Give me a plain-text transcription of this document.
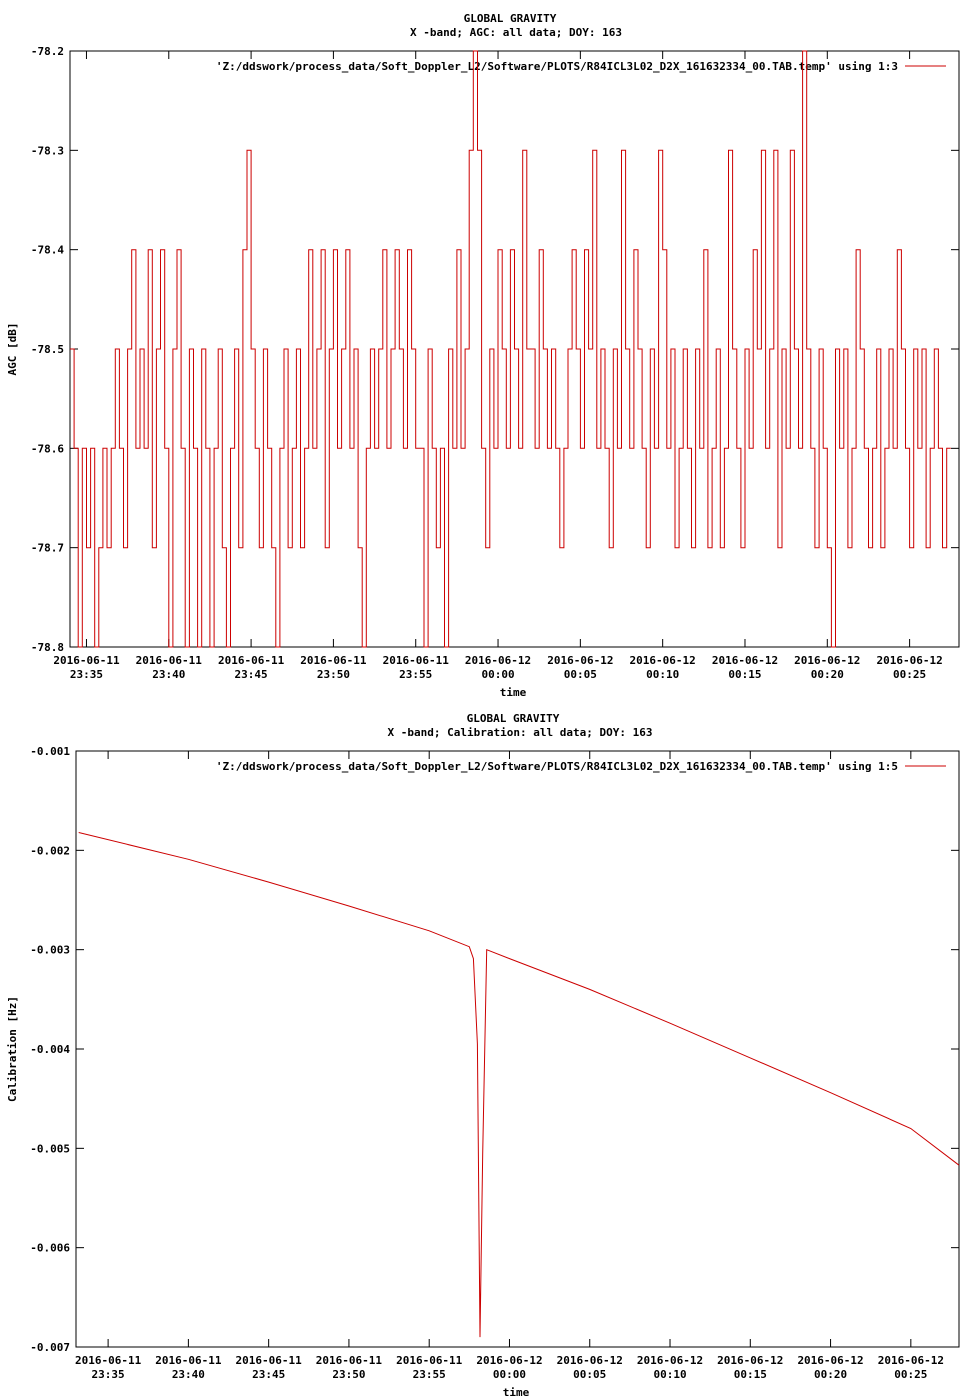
GLOBAL GRAVITY
X -band; AGC: all data; DOY: 163
-78.2
-78.3
-78.4
-78.5
-78.6
-78.7
-78.8
2016-06-11
23:35
2016-06-11
23:40
2016-06-11
23:45
2016-06-11
23:50
2016-06-11
23:55
2016-06-12
00:00
2016-06-12
00:05
2016-06-12
00:10
2016-06-12
00:15
2016-06-12
00:20
2016-06-12
00:25
time
AGC [dB]
'Z:/ddswork/process_data/Soft_Doppler_L2/Software/PLOTS/R84ICL3L02_D2X_161632334_00.TAB.temp' using 1:3
GLOBAL GRAVITY
X -band; Calibration: all data; DOY: 163
-0.001
-0.002
-0.003
-0.004
-0.005
-0.006
-0.007
2016-06-11
23:35
2016-06-11
23:40
2016-06-11
23:45
2016-06-11
23:50
2016-06-11
23:55
2016-06-12
00:00
2016-06-12
00:05
2016-06-12
00:10
2016-06-12
00:15
2016-06-12
00:20
2016-06-12
00:25
time
Calibration [Hz]
'Z:/ddswork/process_data/Soft_Doppler_L2/Software/PLOTS/R84ICL3L02_D2X_161632334_00.TAB.temp' using 1:5
